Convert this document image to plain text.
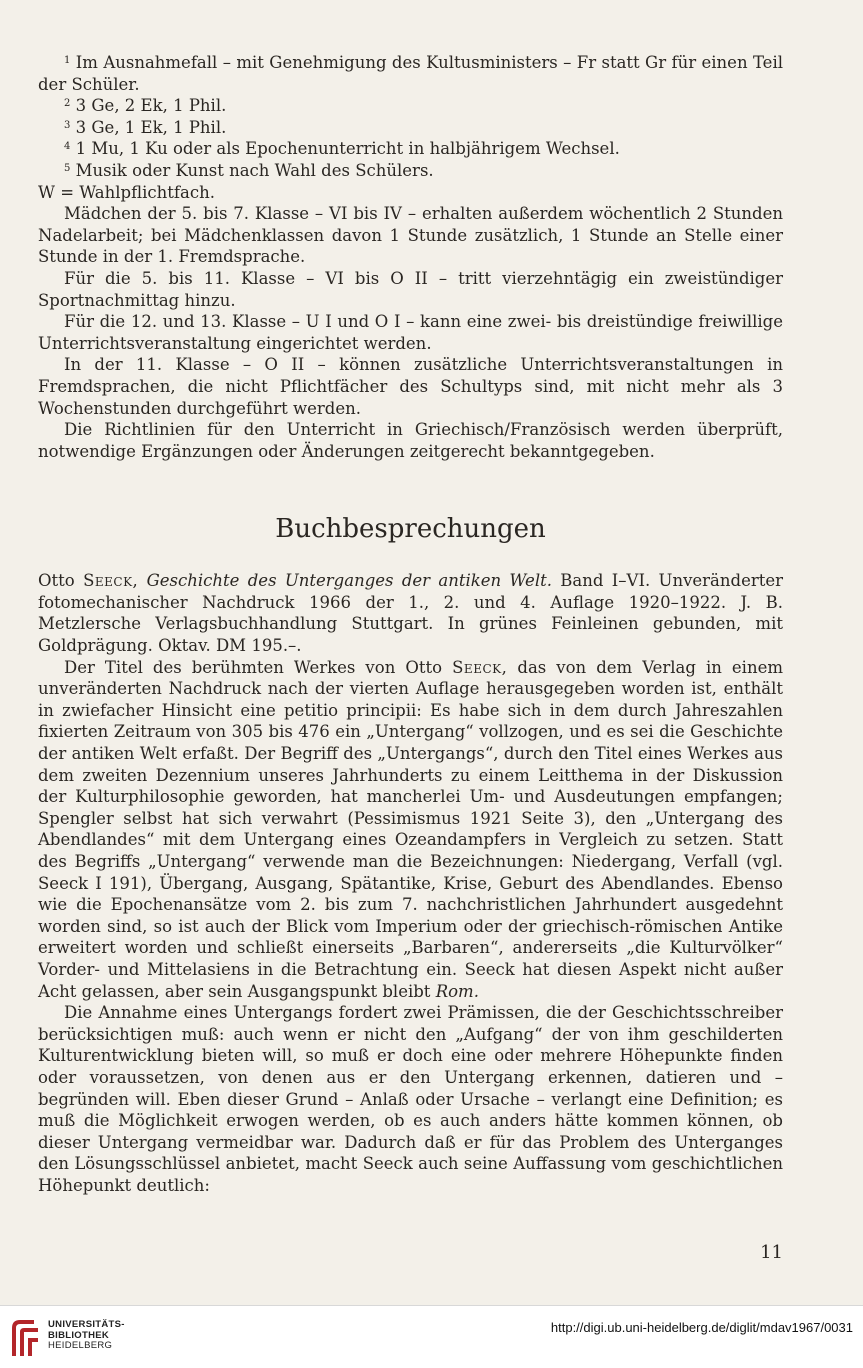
$^1$ Im Ausnahmefall – mit Genehmigung des Kultusministers – Fr statt Gr für einen Teil der Schüler.

$^2$ 3 Ge, 2 Ek, 1 Phil.

$^3$ 3 Ge, 1 Ek, 1 Phil.

$^4$ 1 Mu, 1 Ku oder als Epochenunterricht in halbjährigem Wechsel.

$^5$ Musik oder Kunst nach Wahl des Schülers.

W = Wahlpflichtfach.

Mädchen der 5. bis 7. Klasse – VI bis IV – erhalten außerdem wöchentlich 2 Stunden Nadelarbeit; bei Mädchenklassen davon 1 Stunde zusätzlich, 1 Stunde an Stelle einer Stunde in der 1. Fremdsprache.

Für die 5. bis 11. Klasse – VI bis O II – tritt vierzehntägig ein zweistündiger Sportnachmittag hinzu.

Für die 12. und 13. Klasse – U I und O I – kann eine zwei- bis dreistündige freiwillige Unterrichtsveranstaltung eingerichtet werden.

In der 11. Klasse – O II – können zusätzliche Unterrichtsveranstaltungen in Fremdsprachen, die nicht Pflichtfächer des Schultyps sind, mit nicht mehr als 3 Wochenstunden durchgeführt werden.

Die Richtlinien für den Unterricht in Griechisch/Französisch werden überprüft, notwendige Ergänzungen oder Änderungen zeitgerecht bekanntgegeben.

Buchbesprechungen

Otto Seeck, Geschichte des Unterganges der antiken Welt. Band I–VI. Unveränderter fotomechanischer Nachdruck 1966 der 1., 2. und 4. Auflage 1920–1922. J. B. Metzlersche Verlagsbuchhandlung Stuttgart. In grünes Feinleinen gebunden, mit Goldprägung. Oktav. DM 195.–.

Der Titel des berühmten Werkes von Otto Seeck, das von dem Verlag in einem unveränderten Nachdruck nach der vierten Auflage herausgegeben worden ist, enthält in zwiefacher Hinsicht eine petitio principii: Es habe sich in dem durch Jahreszahlen fixierten Zeitraum von 305 bis 476 ein „Untergang“ vollzogen, und es sei die Geschichte der antiken Welt erfaßt. Der Begriff des „Untergangs“, durch den Titel eines Werkes aus dem zweiten Dezennium unseres Jahrhunderts zu einem Leitthema in der Diskussion der Kulturphilosophie geworden, hat mancherlei Um- und Ausdeutungen empfangen; Spengler selbst hat sich verwahrt (Pessimismus 1921 Seite 3), den „Untergang des Abendlandes“ mit dem Untergang eines Ozeandampfers in Vergleich zu setzen. Statt des Begriffs „Untergang“ verwende man die Bezeichnungen: Niedergang, Verfall (vgl. Seeck I 191), Übergang, Ausgang, Spätantike, Krise, Geburt des Abendlandes. Ebenso wie die Epochenansätze vom 2. bis zum 7. nachchristlichen Jahrhundert ausgedehnt worden sind, so ist auch der Blick vom Imperium oder der griechisch-römischen Antike erweitert worden und schließt einerseits „Barbaren“, andererseits „die Kulturvölker“ Vorder- und Mittelasiens in die Betrachtung ein. Seeck hat diesen Aspekt nicht außer Acht gelassen, aber sein Ausgangspunkt bleibt Rom.

Die Annahme eines Untergangs fordert zwei Prämissen, die der Geschichtsschreiber berücksichtigen muß: auch wenn er nicht den „Aufgang“ der von ihm geschilderten Kulturentwicklung bieten will, so muß er doch eine oder mehrere Höhepunkte finden oder voraussetzen, von denen aus er den Untergang erkennen, datieren und – begründen will. Eben dieser Grund – Anlaß oder Ursache – verlangt eine Definition; es muß die Möglichkeit erwogen werden, ob es auch anders hätte kommen können, ob dieser Untergang vermeidbar war. Dadurch daß er für das Problem des Unterganges den Lösungsschlüssel anbietet, macht Seeck auch seine Auffassung vom geschichtlichen Höhepunkt deutlich:

11
UNIVERSITÄTS-
BIBLIOTHEK
HEIDELBERG
http://digi.ub.uni-heidelberg.de/diglit/mdav1967/0031
